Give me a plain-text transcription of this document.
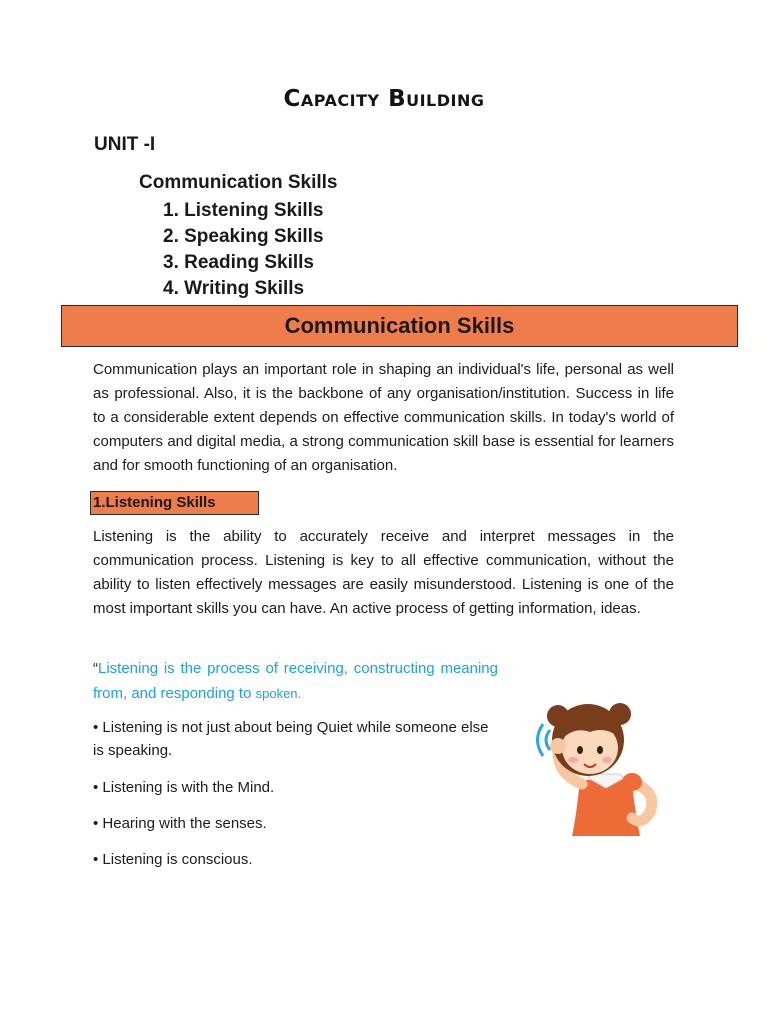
Capacity Building
UNIT -I
Communication Skills
1. Listening Skills
2. Speaking Skills
3. Reading Skills
4. Writing Skills
Communication Skills

Communication plays an important role in shaping an individual's life, personal as well as professional. Also, it is the backbone of any organisation/institution. Success in life to a considerable extent depends on effective communication skills. In today's world of computers and digital media, a strong communication skill base is essential for learners and for smooth functioning of an organisation.

1.Listening Skills

Listening is the ability to accurately receive and interpret messages in the communication process. Listening is key to all effective communication, without the ability to listen effectively messages are easily misunderstood. Listening is one of the most important skills you can have. An active process of getting information, ideas.

“Listening is the process of receiving, constructing meaning from, and responding to spoken.

• Listening is not just about being Quiet while someone else is speaking.

• Listening is with the Mind.

• Hearing with the senses.

• Listening is conscious.
